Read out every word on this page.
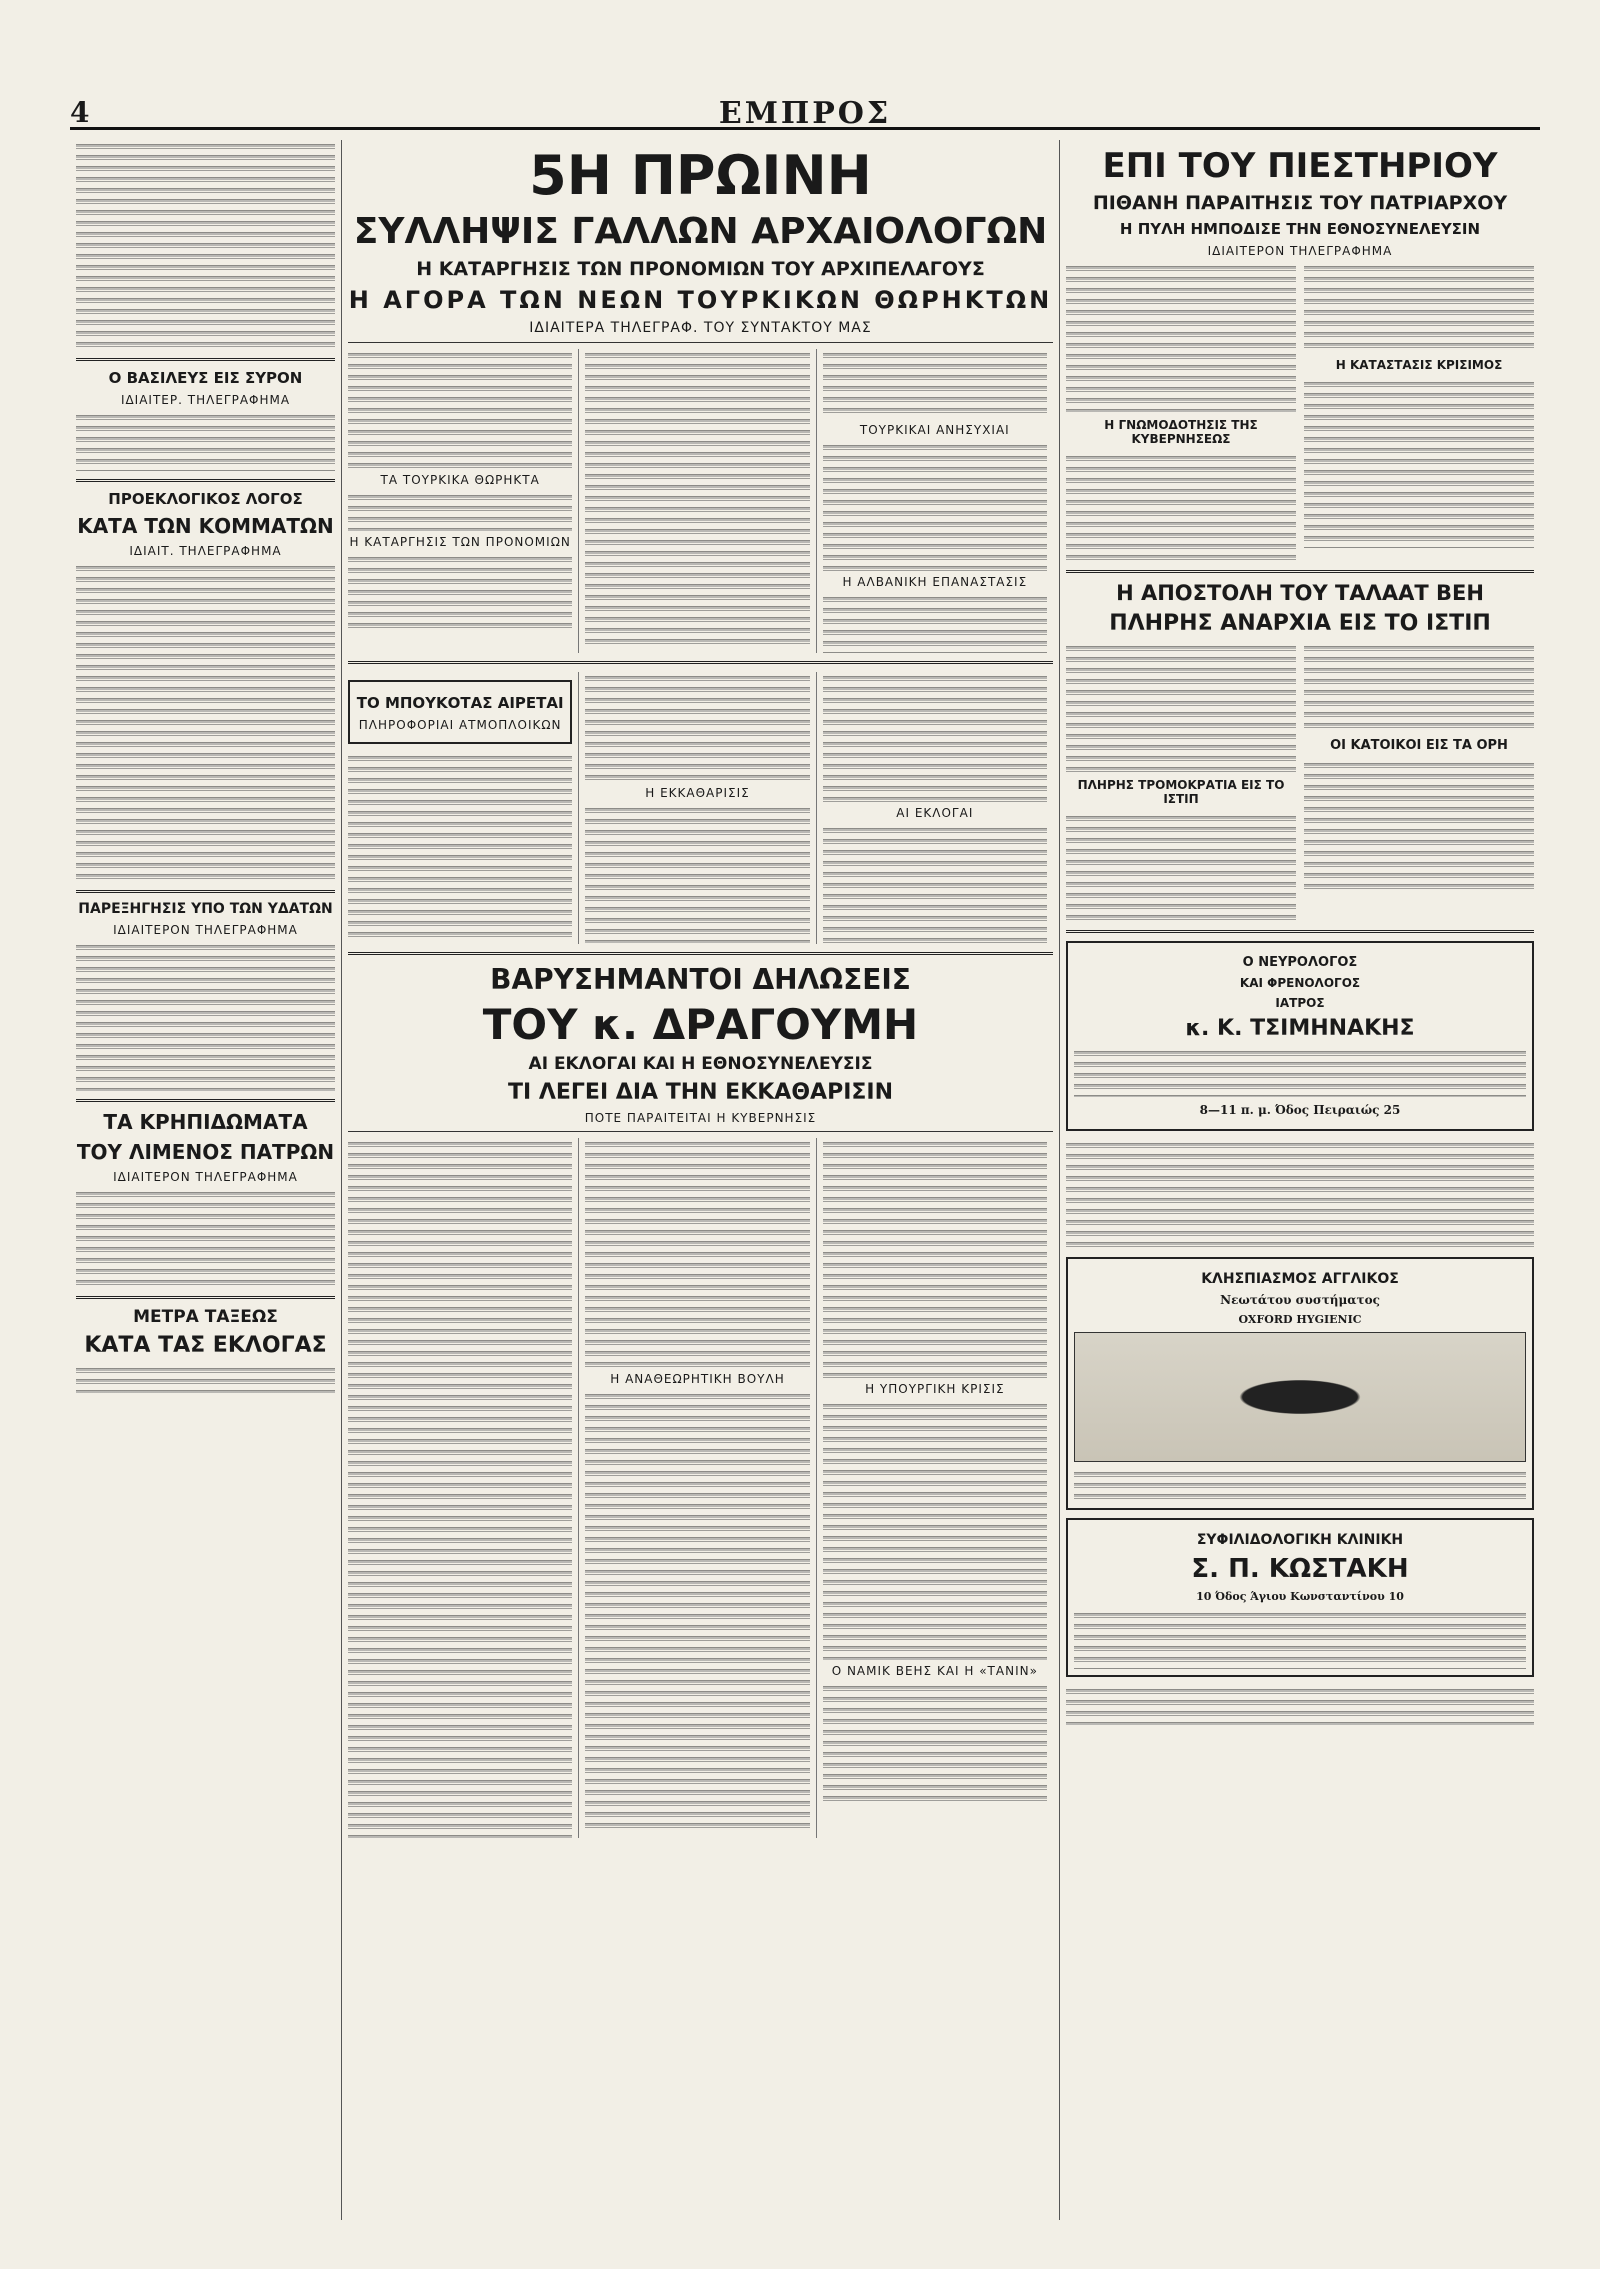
4	ΕΜΠΡΟΣ
Ο ΒΑΣΙΛΕΥΣ ΕΙΣ ΣΥΡΟΝ
ΙΔΙΑΙΤΕΡ. ΤΗΛΕΓΡΑΦΗΜΑ
ΠΡΟΕΚΛΟΓΙΚΟΣ ΛΟΓΟΣ
ΚΑΤΑ ΤΩΝ ΚΟΜΜΑΤΩΝ
ΙΔΙΑΙΤ. ΤΗΛΕΓΡΑΦΗΜΑ
ΠΑΡΕΞΗΓΗΣΙΣ ΥΠΟ ΤΩΝ ΥΔΑΤΩΝ
ΙΔΙΑΙΤΕΡΟΝ ΤΗΛΕΓΡΑΦΗΜΑ
ΤΑ ΚΡΗΠΙΔΩΜΑΤΑ
ΤΟΥ ΛΙΜΕΝΟΣ ΠΑΤΡΩΝ
ΙΔΙΑΙΤΕΡΟΝ ΤΗΛΕΓΡΑΦΗΜΑ
ΜΕΤΡΑ ΤΑΞΕΩΣ
ΚΑΤΑ ΤΑΣ ΕΚΛΟΓΑΣ
5Η ΠΡΩΙΝΗ
ΣΥΛΛΗΨΙΣ ΓΑΛΛΩΝ ΑΡΧΑΙΟΛΟΓΩΝ
Η ΚΑΤΑΡΓΗΣΙΣ ΤΩΝ ΠΡΟΝΟΜΙΩΝ ΤΟΥ ΑΡΧΙΠΕΛΑΓΟΥΣ
Η ΑΓΟΡΑ ΤΩΝ ΝΕΩΝ ΤΟΥΡΚΙΚΩΝ ΘΩΡΗΚΤΩΝ
ΙΔΙΑΙΤΕΡΑ ΤΗΛΕΓΡΑΦ. ΤΟΥ ΣΥΝΤΑΚΤΟΥ ΜΑΣ
ΤΑ ΤΟΥΡΚΙΚΑ ΘΩΡΗΚΤΑ
Η ΚΑΤΑΡΓΗΣΙΣ ΤΩΝ ΠΡΟΝΟΜΙΩΝ
ΤΟΥΡΚΙΚΑΙ ΑΝΗΣΥΧΙΑΙ
Η ΑΛΒΑΝΙΚΗ ΕΠΑΝΑΣΤΑΣΙΣ
ΤΟ ΜΠΟΥΚΟΤΑΣ ΑΙΡΕΤΑΙ
ΠΛΗΡΟΦΟΡΙΑΙ ΑΤΜΟΠΛΟΙΚΩΝ
Η ΕΚΚΑΘΑΡΙΣΙΣ
ΑΙ ΕΚΛΟΓΑΙ
ΒΑΡΥΣΗΜΑΝΤΟΙ ΔΗΛΩΣΕΙΣ
ΤΟΥ κ. ΔΡΑΓΟΥΜΗ
ΑΙ ΕΚΛΟΓΑΙ ΚΑΙ Η ΕΘΝΟΣΥΝΕΛΕΥΣΙΣ
ΤΙ ΛΕΓΕΙ ΔΙΑ ΤΗΝ ΕΚΚΑΘΑΡΙΣΙΝ
ΠΟΤΕ ΠΑΡΑΙΤΕΙΤΑΙ Η ΚΥΒΕΡΝΗΣΙΣ
Η ΑΝΑΘΕΩΡΗΤΙΚΗ ΒΟΥΛΗ
Η ΥΠΟΥΡΓΙΚΗ ΚΡΙΣΙΣ
Ο ΝΑΜΙΚ ΒΕΗΣ ΚΑΙ Η «ΤΑΝΙΝ»
ΕΠΙ ΤΟΥ ΠΙΕΣΤΗΡΙΟΥ
ΠΙΘΑΝΗ ΠΑΡΑΙΤΗΣΙΣ ΤΟΥ ΠΑΤΡΙΑΡΧΟΥ
Η ΠΥΛΗ ΗΜΠΟΔΙΣΕ ΤΗΝ ΕΘΝΟΣΥΝΕΛΕΥΣΙΝ
ΙΔΙΑΙΤΕΡΟΝ ΤΗΛΕΓΡΑΦΗΜΑ
Η ΓΝΩΜΟΔΟΤΗΣΙΣ ΤΗΣ ΚΥΒΕΡΝΗΣΕΩΣ
Η ΚΑΤΑΣΤΑΣΙΣ ΚΡΙΣΙΜΟΣ
Η ΑΠΟΣΤΟΛΗ ΤΟΥ ΤΑΛΑΑΤ ΒΕΗ
ΠΛΗΡΗΣ ΑΝΑΡΧΙΑ ΕΙΣ ΤΟ ΙΣΤΙΠ
ΠΛΗΡΗΣ ΤΡΟΜΟΚΡΑΤΙΑ ΕΙΣ ΤΟ ΙΣΤΙΠ
ΟΙ ΚΑΤΟΙΚΟΙ ΕΙΣ ΤΑ ΟΡΗ
Ο ΝΕΥΡΟΛΟΓΟΣ
ΚΑΙ ΦΡΕΝΟΛΟΓΟΣ
ΙΑΤΡΟΣ
κ. Κ. ΤΣΙΜΗΝΑΚΗΣ
8—11 π. μ. Όδος Πειραιώς 25
ΚΛΗΣΠΙΑΣΜΟΣ ΑΓΓΛΙΚΟΣ
Νεωτάτου συστήματος
OXFORD HYGIENIC
ΣΥΦΙΛΙΔΟΛΟΓΙΚΗ ΚΛΙΝΙΚΗ
Σ. Π. ΚΩΣΤΑΚΗ
10 Όδος Άγιου Κωνσταντίνου 10
